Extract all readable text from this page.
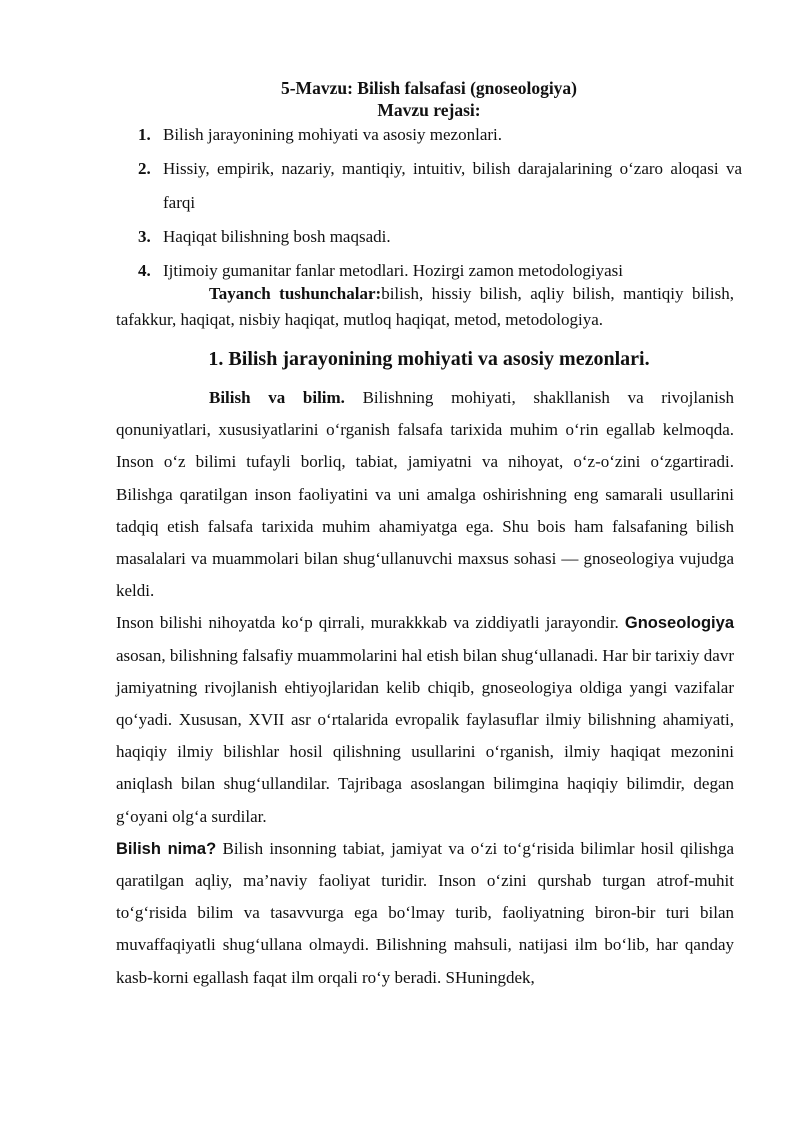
5-Mavzu: Bilish falsafasi (gnoseologiya)
Mavzu rejasi:
1. Bilish jarayonining mohiyati va asosiy mezonlari.
2. Hissiy, empirik, nazariy, mantiqiy, intuitiv, bilish darajalarining o‘zaro aloqasi va farqi
3. Haqiqat bilishning bosh maqsadi.
4. Ijtimoiy gumanitar fanlar metodlari. Hozirgi zamon metodologiyasi

Tayanch tushunchalar:bilish, hissiy bilish, aqliy bilish, mantiqiy bilish, tafakkur, haqiqat, nisbiy haqiqat, mutloq haqiqat, metod, metodologiya.

1. Bilish jarayonining mohiyati va asosiy mezonlari.

Bilish va bilim. Bilishning mohiyati, shakllanish va rivojlanish qonuniyatlari, xususiyatlarini o‘rganish falsafa tarixida muhim o‘rin egallab kelmoqda. Inson o‘z bilimi tufayli borliq, tabiat, jamiyatni va nihoyat, o‘z-o‘zini o‘zgartiradi. Bilishga qaratilgan inson faoliyatini va uni amalga oshirishning eng samarali usullarini tadqiq etish falsafa tarixida muhim ahamiyatga ega. Shu bois ham falsafaning bilish masalalari va muammolari bilan shug‘ullanuvchi maxsus sohasi — gnoseologiya vujudga keldi.

Inson bilishi nihoyatda ko‘p qirrali, murakkkab va ziddiyatli jarayondir. Gnoseologiya asosan, bilishning falsafiy muammolarini hal etish bilan shug‘ullanadi. Har bir tarixiy davr jamiyatning rivojlanish ehtiyojlaridan kelib chiqib, gnoseologiya oldiga yangi vazifalar qo‘yadi. Xususan, XVII asr o‘rtalarida evropalik faylasuflar ilmiy bilishning ahamiyati, haqiqiy ilmiy bilishlar hosil qilishning usullarini o‘rganish, ilmiy haqiqat mezonini aniqlash bilan shug‘ullandilar. Tajribaga asoslangan bilimgina haqiqiy bilimdir, degan g‘oyani olg‘a surdilar.

Bilish nima? Bilish insonning tabiat, jamiyat va o‘zi to‘g‘risida bilimlar hosil qilishga qaratilgan aqliy, ma’naviy faoliyat turidir. Inson o‘zini qurshab turgan atrof-muhit to‘g‘risida bilim va tasavvurga ega bo‘lmay turib, faoliyatning biron-bir turi bilan muvaffaqiyatli shug‘ullana olmaydi. Bilishning mahsuli, natijasi ilm bo‘lib, har qanday kasb-korni egallash faqat ilm orqali ro‘y beradi. SHuningdek,
